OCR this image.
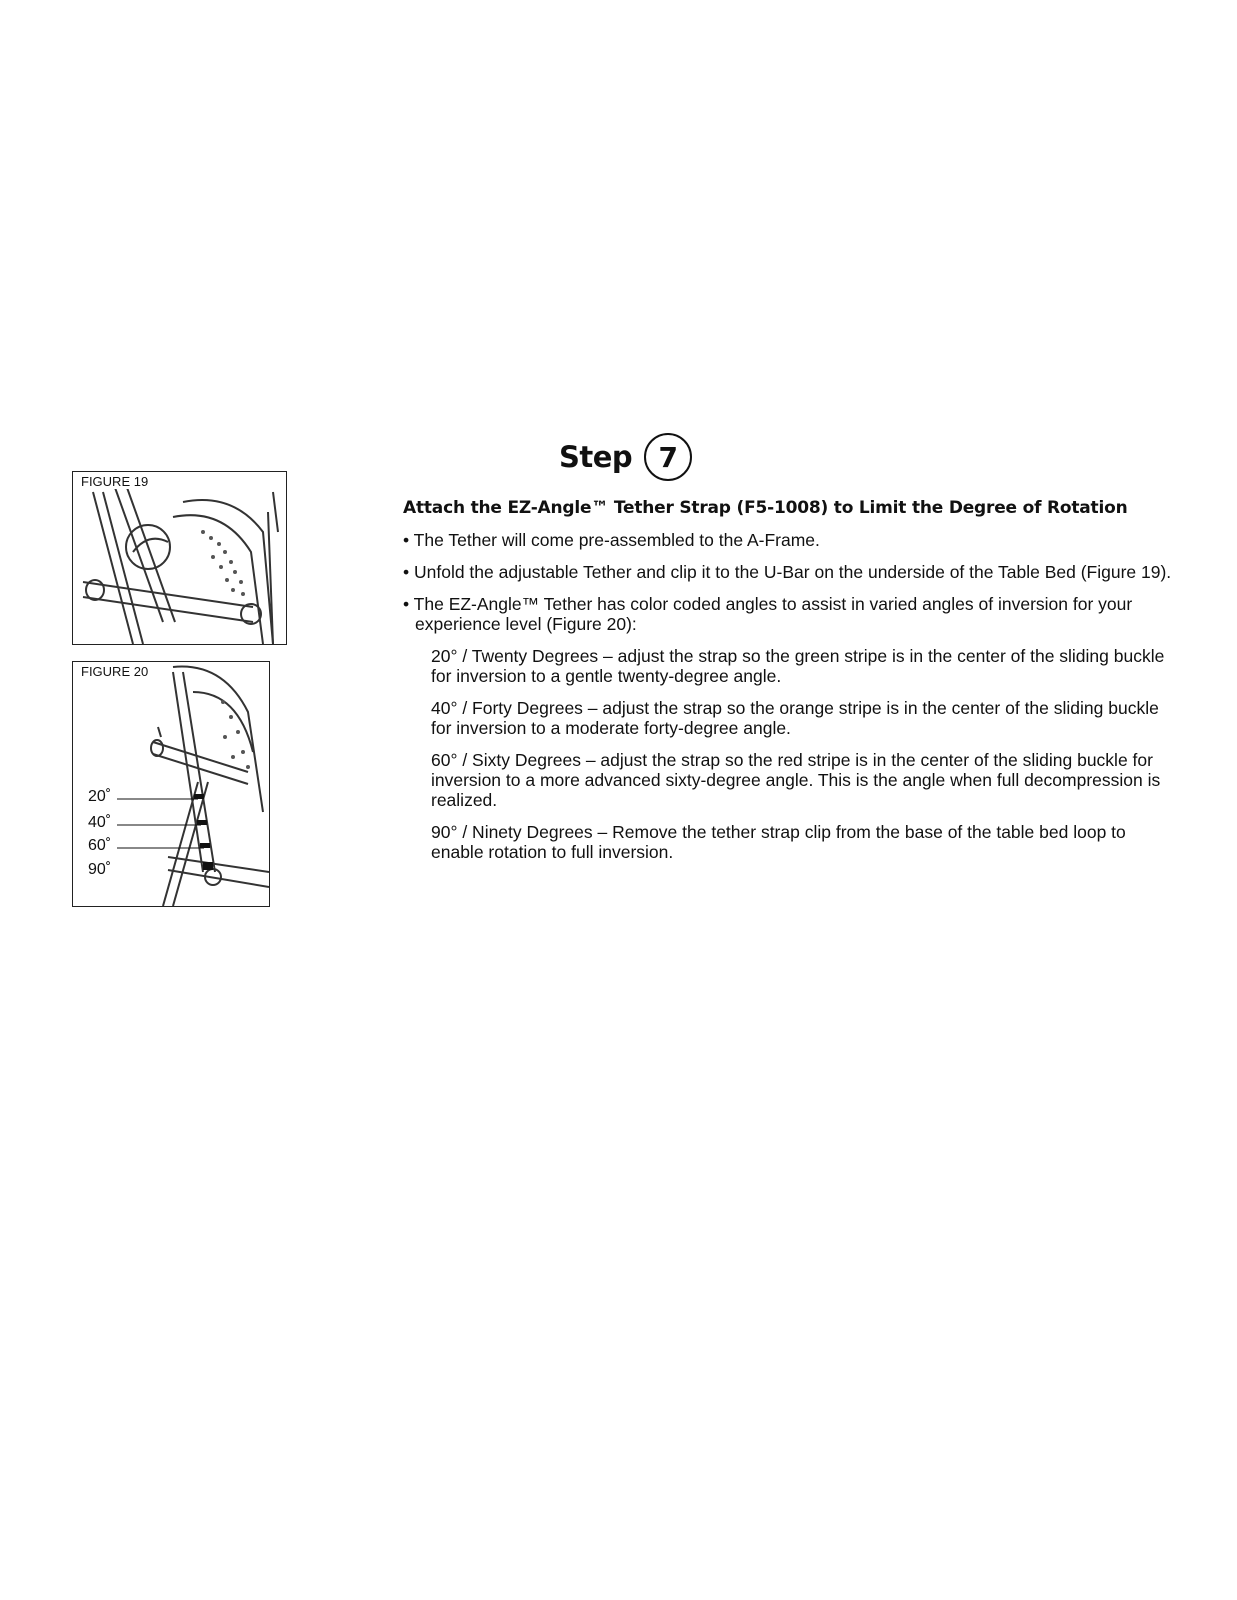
Step 7
FIGURE 19
FIGURE 20
20˚
40˚
60˚
90˚
Attach the EZ-Angle™ Tether Strap (F5-1008) to Limit the Degree of Rotation
• The Tether will come pre-assembled to the A-Frame.
• Unfold the adjustable Tether and clip it to the U-Bar on the underside of the Table Bed (Figure 19).
• The EZ-Angle™ Tether has color coded angles to assist in varied angles of inversion for your experience level (Figure 20):
20° / Twenty Degrees – adjust the strap so the green stripe is in the center of the sliding buckle for inversion to a gentle twenty-degree angle.
40° / Forty Degrees – adjust the strap so the orange stripe is in the center of the sliding buckle for inversion to a moderate forty-degree angle.
60° / Sixty Degrees – adjust the strap so the red stripe is in the center of the sliding buckle for inversion to a more advanced sixty-degree angle. This is the angle when full decompression is realized.
90° / Ninety Degrees – Remove the tether strap clip from the base of the table bed loop to enable rotation to full inversion.
